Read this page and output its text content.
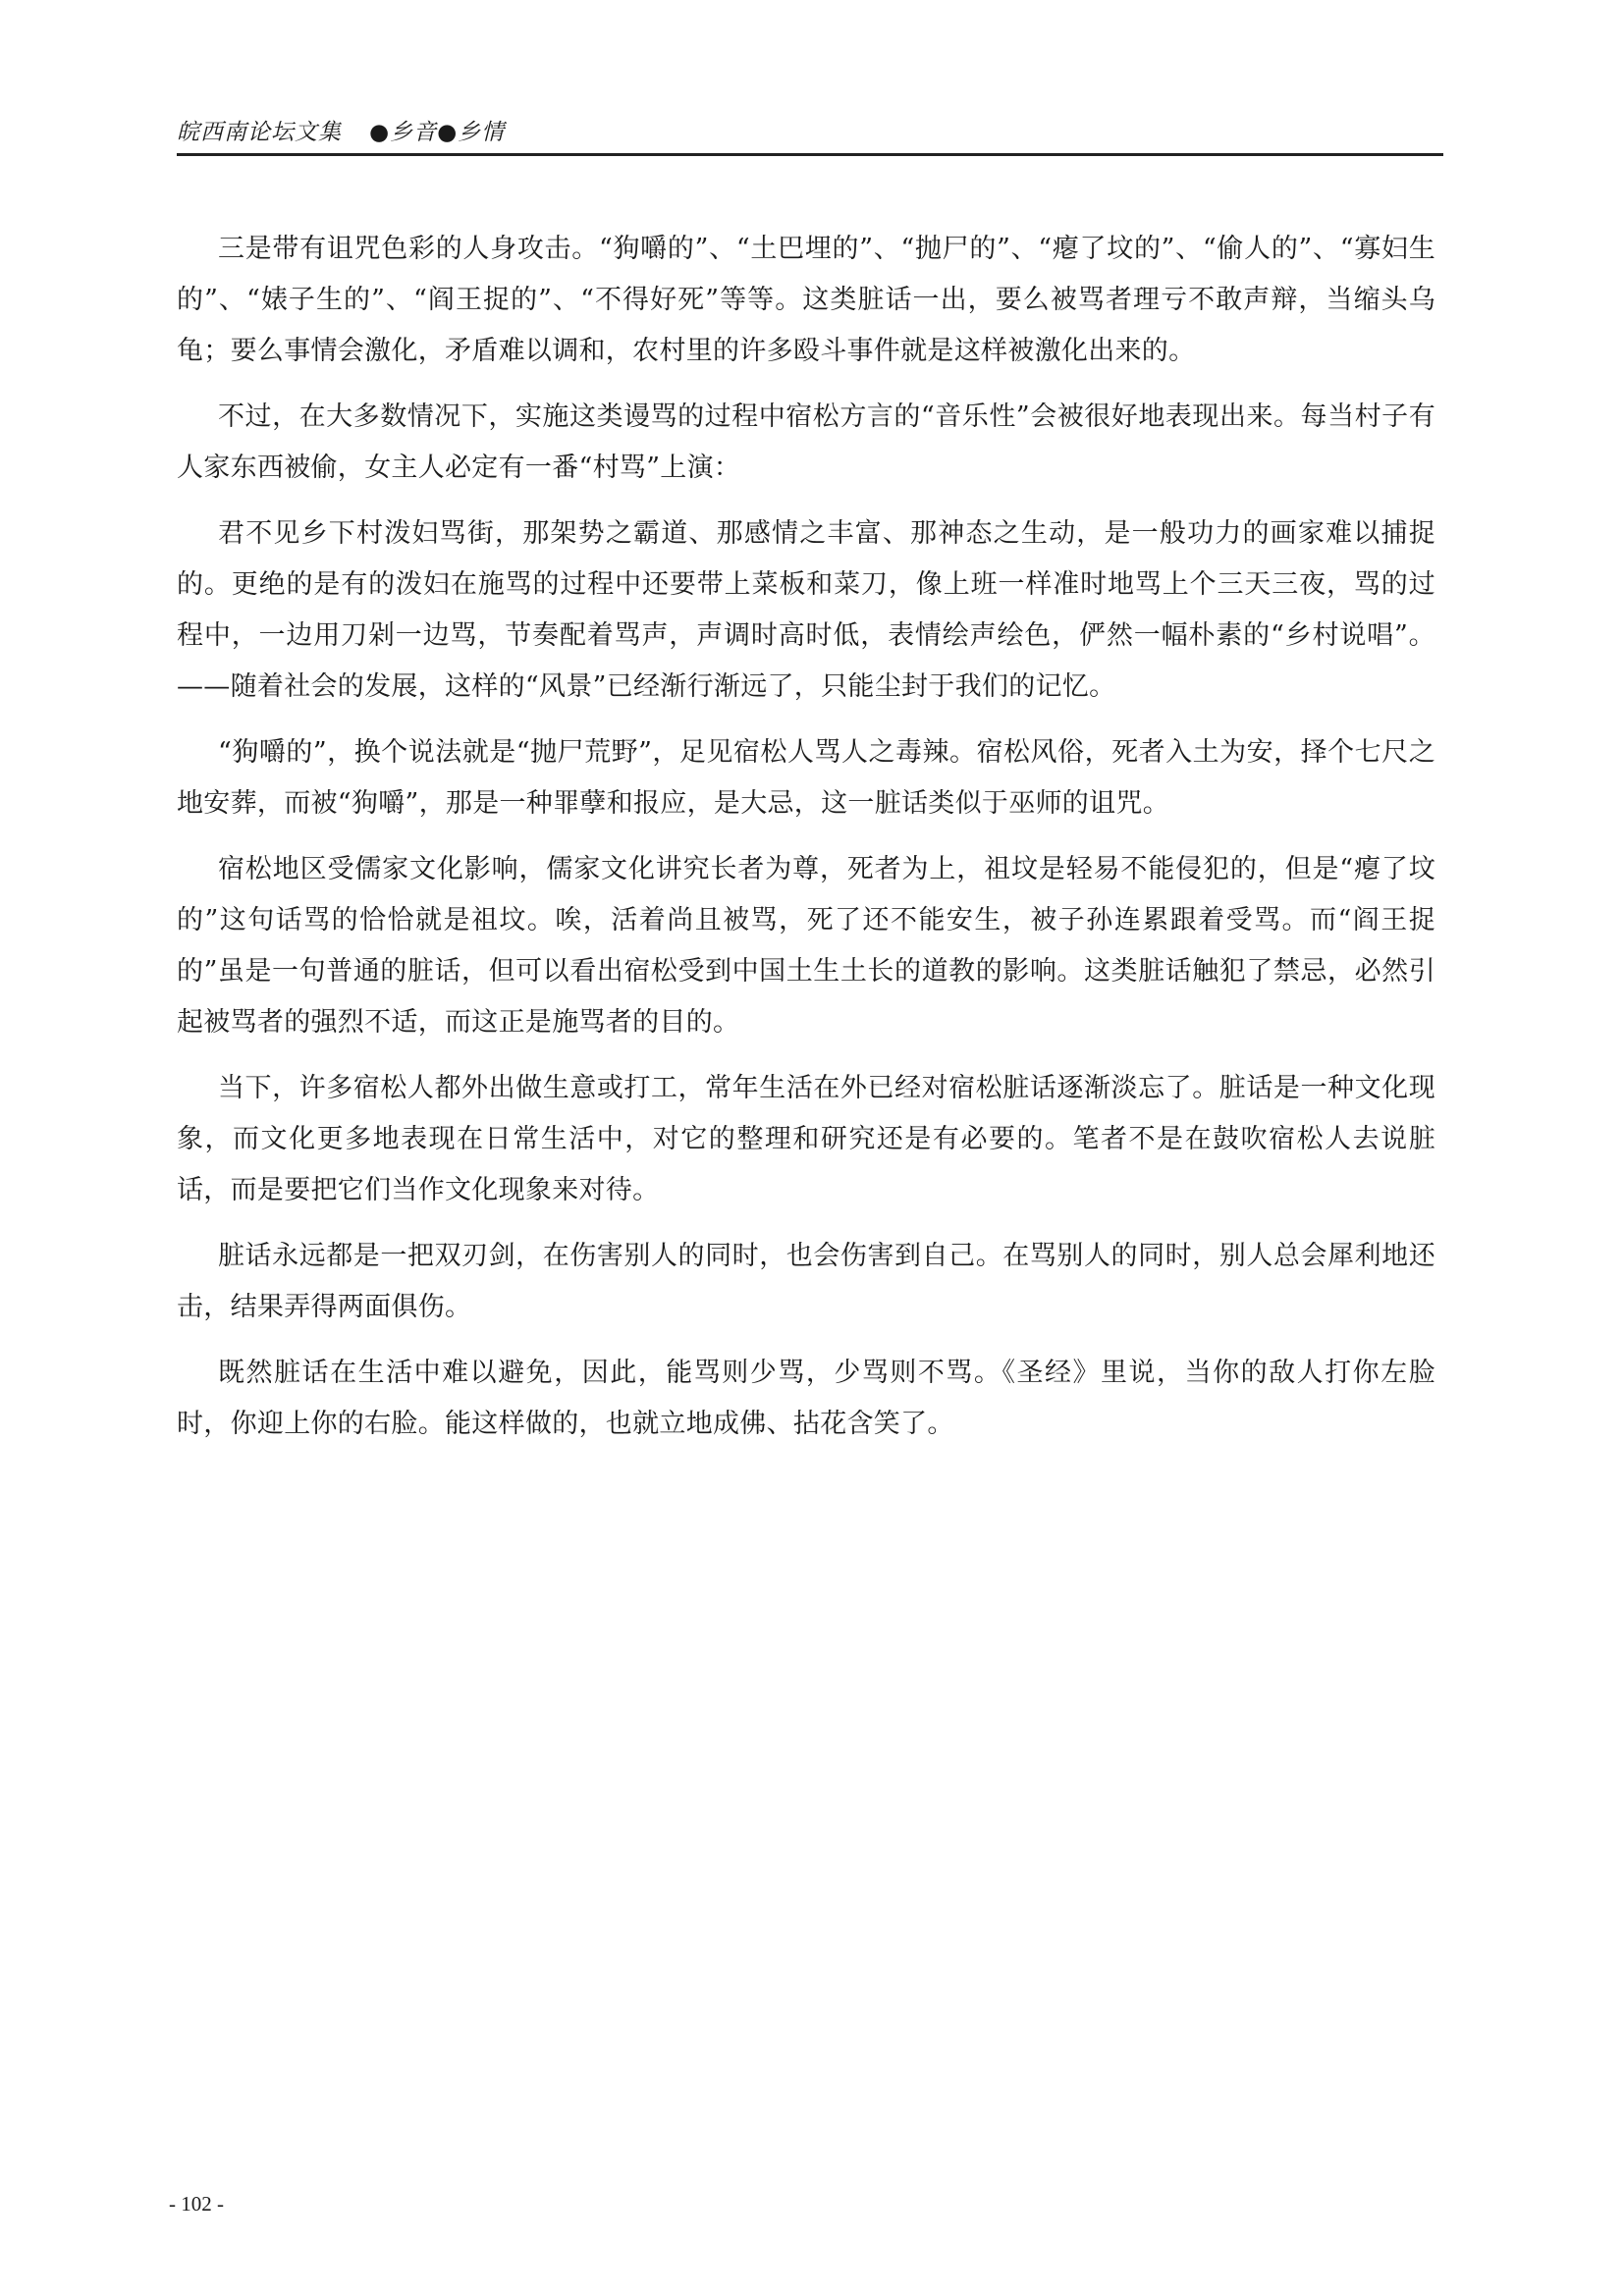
皖西南论坛文集 ●乡音●乡情

三是带有诅咒色彩的人身攻击。“狗嚼的”、“土巴埋的”、“抛尸的”、“瘪了坟的”、“偷人的”、“寡妇生的”、“婊子生的”、“阎王捉的”、“不得好死”等等。这类脏话一出，要么被骂者理亏不敢声辩，当缩头乌龟；要么事情会激化，矛盾难以调和，农村里的许多殴斗事件就是这样被激化出来的。

不过，在大多数情况下，实施这类谩骂的过程中宿松方言的“音乐性”会被很好地表现出来。每当村子有人家东西被偷，女主人必定有一番“村骂”上演：

君不见乡下村泼妇骂街，那架势之霸道、那感情之丰富、那神态之生动，是一般功力的画家难以捕捉的。更绝的是有的泼妇在施骂的过程中还要带上菜板和菜刀，像上班一样准时地骂上个三天三夜，骂的过程中，一边用刀剁一边骂，节奏配着骂声，声调时高时低，表情绘声绘色，俨然一幅朴素的“乡村说唱”。——随着社会的发展，这样的“风景”已经渐行渐远了，只能尘封于我们的记忆。

“狗嚼的”，换个说法就是“抛尸荒野”，足见宿松人骂人之毒辣。宿松风俗，死者入土为安，择个七尺之地安葬，而被“狗嚼”，那是一种罪孽和报应，是大忌，这一脏话类似于巫师的诅咒。

宿松地区受儒家文化影响，儒家文化讲究长者为尊，死者为上，祖坟是轻易不能侵犯的，但是“瘪了坟的”这句话骂的恰恰就是祖坟。唉，活着尚且被骂，死了还不能安生，被子孙连累跟着受骂。而“阎王捉的”虽是一句普通的脏话，但可以看出宿松受到中国土生土长的道教的影响。这类脏话触犯了禁忌，必然引起被骂者的强烈不适，而这正是施骂者的目的。

当下，许多宿松人都外出做生意或打工，常年生活在外已经对宿松脏话逐渐淡忘了。脏话是一种文化现象，而文化更多地表现在日常生活中，对它的整理和研究还是有必要的。笔者不是在鼓吹宿松人去说脏话，而是要把它们当作文化现象来对待。

脏话永远都是一把双刃剑，在伤害别人的同时，也会伤害到自己。在骂别人的同时，别人总会犀利地还击，结果弄得两面俱伤。

既然脏话在生活中难以避免，因此，能骂则少骂，少骂则不骂。《圣经》里说，当你的敌人打你左脸时，你迎上你的右脸。能这样做的，也就立地成佛、拈花含笑了。

- 102 -
